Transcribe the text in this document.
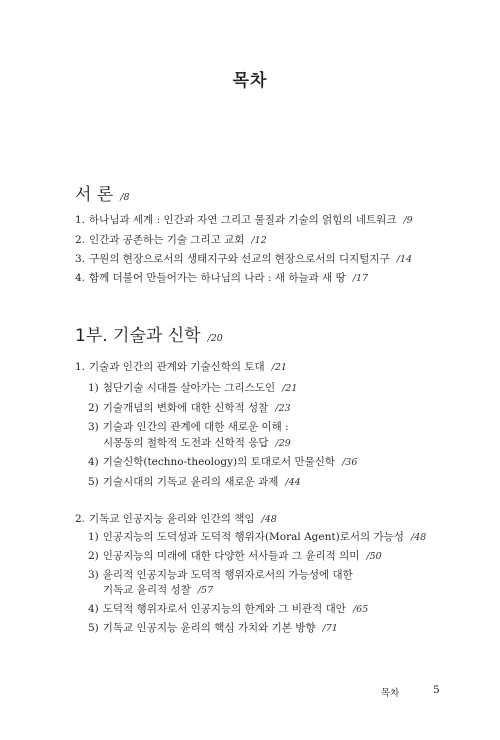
목차
서 론 /8
1. 하나님과 세계 : 인간과 자연 그리고 물질과 기술의 얽힘의 네트워크 /9
2. 인간과 공존하는 기술 그리고 교회 /12
3. 구원의 현장으로서의 생태지구와 선교의 현장으로서의 디지털지구 /14
4. 함께 더불어 만들어가는 하나님의 나라 : 새 하늘과 새 땅 /17
1부. 기술과 신학 /20
1. 기술과 인간의 관계와 기술신학의 토대 /21
1) 첨단기술 시대를 살아가는 그리스도인 /21
2) 기술개념의 변화에 대한 신학적 성찰 /23
3) 기술과 인간의 관계에 대한 새로운 이해 :
시몽동의 철학적 도전과 신학적 응답 /29
4) 기술신학(techno-theology)의 토대로서 만물신학 /36
5) 기술시대의 기독교 윤리의 새로운 과제 /44
2. 기독교 인공지능 윤리와 인간의 책임 /48
1) 인공지능의 도덕성과 도덕적 행위자(Moral Agent)로서의 가능성 /48
2) 인공지능의 미래에 대한 다양한 서사들과 그 윤리적 의미 /50
3) 윤리적 인공지능과 도덕적 행위자로서의 가능성에 대한
기독교 윤리적 성찰 /57
4) 도덕적 행위자로서 인공지능의 한계와 그 비관적 대안 /65
5) 기독교 인공지능 윤리의 핵심 가치와 기본 방향 /71
목차	5
